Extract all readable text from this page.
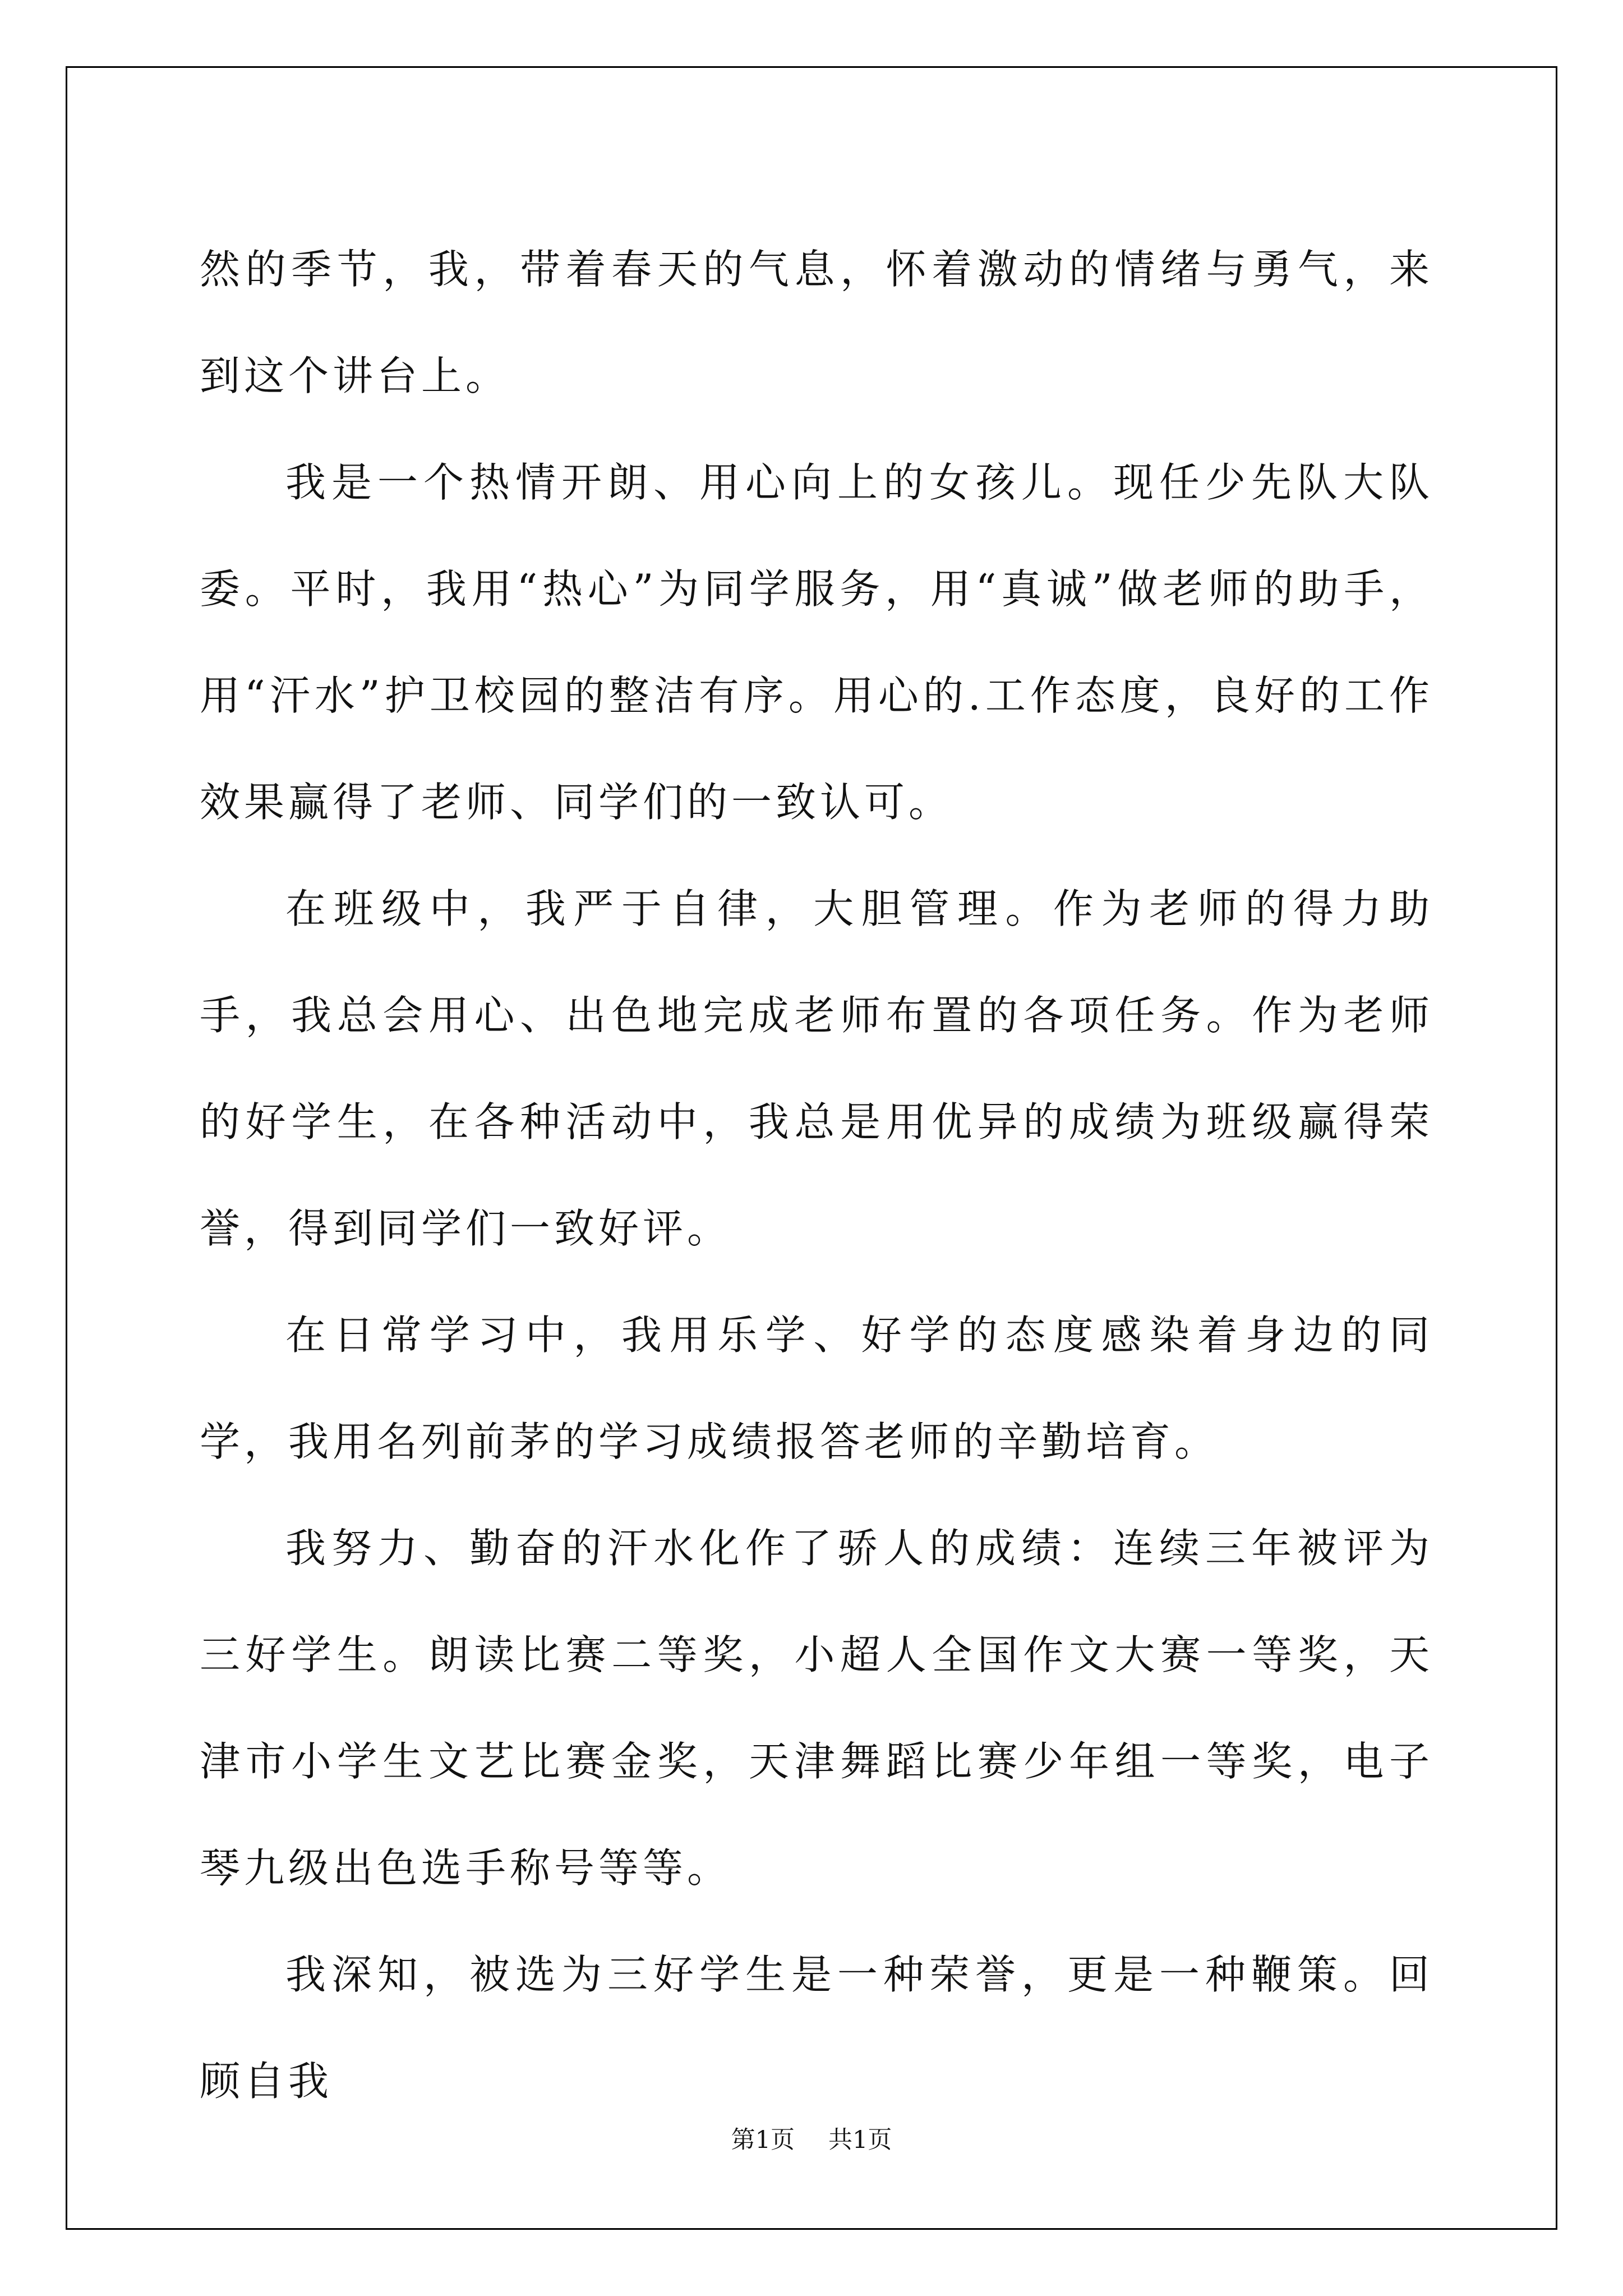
然的季节，我，带着春天的气息，怀着激动的情绪与勇气，来到这个讲台上。

我是一个热情开朗、用心向上的女孩儿。现任少先队大队委。平时，我用“热心”为同学服务，用“真诚”做老师的助手，用“汗水”护卫校园的整洁有序。用心的.工作态度，良好的工作效果赢得了老师、同学们的一致认可。

在班级中，我严于自律，大胆管理。作为老师的得力助手，我总会用心、出色地完成老师布置的各项任务。作为老师的好学生，在各种活动中，我总是用优异的成绩为班级赢得荣誉，得到同学们一致好评。

在日常学习中，我用乐学、好学的态度感染着身边的同学，我用名列前茅的学习成绩报答老师的辛勤培育。

我努力、勤奋的汗水化作了骄人的成绩：连续三年被评为三好学生。朗读比赛二等奖，小超人全国作文大赛一等奖，天津市小学生文艺比赛金奖，天津舞蹈比赛少年组一等奖，电子琴九级出色选手称号等等。

我深知，被选为三好学生是一种荣誉，更是一种鞭策。回顾自我

第1页 共1页
